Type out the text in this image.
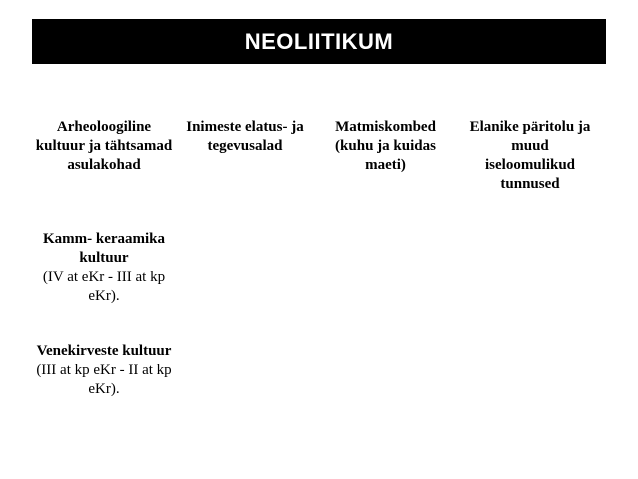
NEOLIITIKUM
Arheoloogiline kultuur ja tähtsamad asulakohad
Inimeste elatus- ja tegevusalad
Matmiskombed (kuhu ja kuidas maeti)
Elanike päritolu ja muud iseloomulikud tunnused
Kamm- keraamika kultuur
(IV at eKr - III at kp eKr).
Venekirveste kultuur
(III at kp eKr - II at kp eKr).
